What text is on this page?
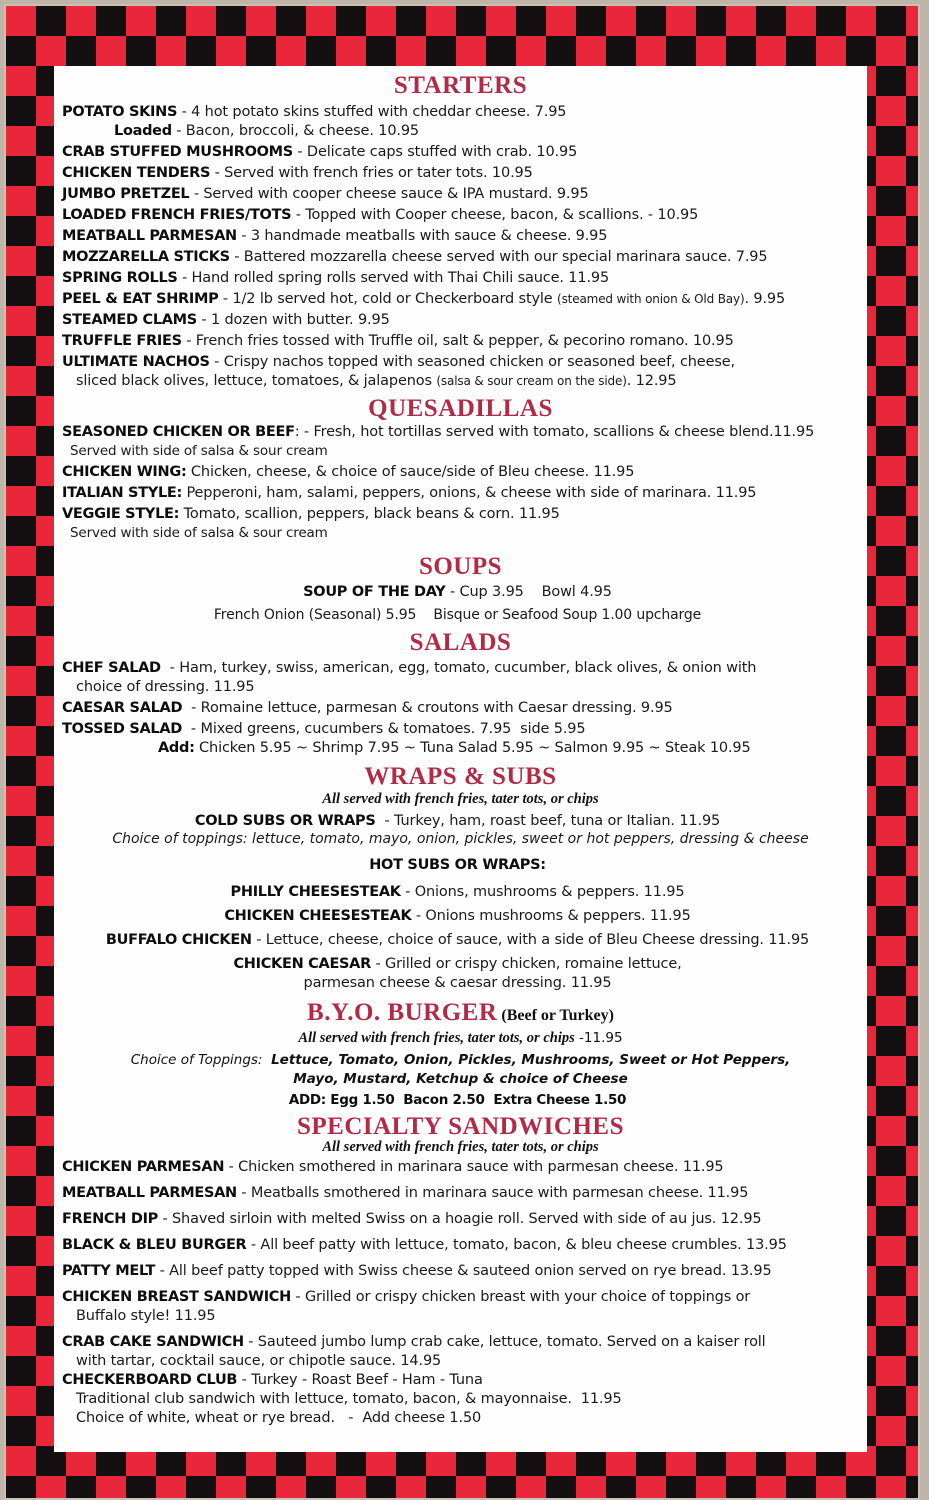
STARTERS
POTATO SKINS - 4 hot potato skins stuffed with cheddar cheese. 7.95
Loaded - Bacon, broccoli, & cheese. 10.95
CRAB STUFFED MUSHROOMS - Delicate caps stuffed with crab. 10.95
CHICKEN TENDERS - Served with french fries or tater tots. 10.95
JUMBO PRETZEL - Served with cooper cheese sauce & IPA mustard. 9.95
LOADED FRENCH FRIES/TOTS - Topped with Cooper cheese, bacon, & scallions. - 10.95
MEATBALL PARMESAN - 3 handmade meatballs with sauce & cheese. 9.95
MOZZARELLA STICKS - Battered mozzarella cheese served with our special marinara sauce. 7.95
SPRING ROLLS - Hand rolled spring rolls served with Thai Chili sauce. 11.95
PEEL & EAT SHRIMP - 1/2 lb served hot, cold or Checkerboard style (steamed with onion & Old Bay). 9.95
STEAMED CLAMS - 1 dozen with butter. 9.95
TRUFFLE FRIES - French fries tossed with Truffle oil, salt & pepper, & pecorino romano. 10.95
ULTIMATE NACHOS - Crispy nachos topped with seasoned chicken or seasoned beef, cheese,
sliced black olives, lettuce, tomatoes, & jalapenos (salsa & sour cream on the side). 12.95
QUESADILLAS
SEASONED CHICKEN OR BEEF: - Fresh, hot tortillas served with tomato, scallions & cheese blend.11.95
Served with side of salsa & sour cream
CHICKEN WING: Chicken, cheese, & choice of sauce/side of Bleu cheese. 11.95
ITALIAN STYLE: Pepperoni, ham, salami, peppers, onions, & cheese with side of marinara. 11.95
VEGGIE STYLE: Tomato, scallion, peppers, black beans & corn. 11.95
Served with side of salsa & sour cream
SOUPS
SOUP OF THE DAY - Cup 3.95    Bowl 4.95
French Onion (Seasonal) 5.95    Bisque or Seafood Soup 1.00 upcharge
SALADS
CHEF SALAD  - Ham, turkey, swiss, american, egg, tomato, cucumber, black olives, & onion with
choice of dressing. 11.95
CAESAR SALAD  - Romaine lettuce, parmesan & croutons with Caesar dressing. 9.95
TOSSED SALAD  - Mixed greens, cucumbers & tomatoes. 7.95  side 5.95
Add: Chicken 5.95 ~ Shrimp 7.95 ~ Tuna Salad 5.95 ~ Salmon 9.95 ~ Steak 10.95
WRAPS & SUBS
All served with french fries, tater tots, or chips
COLD SUBS OR WRAPS  - Turkey, ham, roast beef, tuna or Italian. 11.95
Choice of toppings: lettuce, tomato, mayo, onion, pickles, sweet or hot peppers, dressing & cheese
HOT SUBS OR WRAPS:
PHILLY CHEESESTEAK - Onions, mushrooms & peppers. 11.95
CHICKEN CHEESESTEAK - Onions mushrooms & peppers. 11.95
BUFFALO CHICKEN - Lettuce, cheese, choice of sauce, with a side of Bleu Cheese dressing. 11.95
CHICKEN CAESAR - Grilled or crispy chicken, romaine lettuce,
parmesan cheese & caesar dressing. 11.95
B.Y.O. BURGER (Beef or Turkey)
All served with french fries, tater tots, or chips -11.95
Choice of Toppings:  Lettuce, Tomato, Onion, Pickles, Mushrooms, Sweet or Hot Peppers,
Mayo, Mustard, Ketchup & choice of Cheese
ADD: Egg 1.50  Bacon 2.50  Extra Cheese 1.50
SPECIALTY SANDWICHES
All served with french fries, tater tots, or chips
CHICKEN PARMESAN - Chicken smothered in marinara sauce with parmesan cheese. 11.95
MEATBALL PARMESAN - Meatballs smothered in marinara sauce with parmesan cheese. 11.95
FRENCH DIP - Shaved sirloin with melted Swiss on a hoagie roll. Served with side of au jus. 12.95
BLACK & BLEU BURGER - All beef patty with lettuce, tomato, bacon, & bleu cheese crumbles. 13.95
PATTY MELT - All beef patty topped with Swiss cheese & sauteed onion served on rye bread. 13.95
CHICKEN BREAST SANDWICH - Grilled or crispy chicken breast with your choice of toppings or
Buffalo style! 11.95
CRAB CAKE SANDWICH - Sauteed jumbo lump crab cake, lettuce, tomato. Served on a kaiser roll
with tartar, cocktail sauce, or chipotle sauce. 14.95
CHECKERBOARD CLUB - Turkey - Roast Beef - Ham - Tuna
Traditional club sandwich with lettuce, tomato, bacon, & mayonnaise.  11.95
Choice of white, wheat or rye bread.   -  Add cheese 1.50
